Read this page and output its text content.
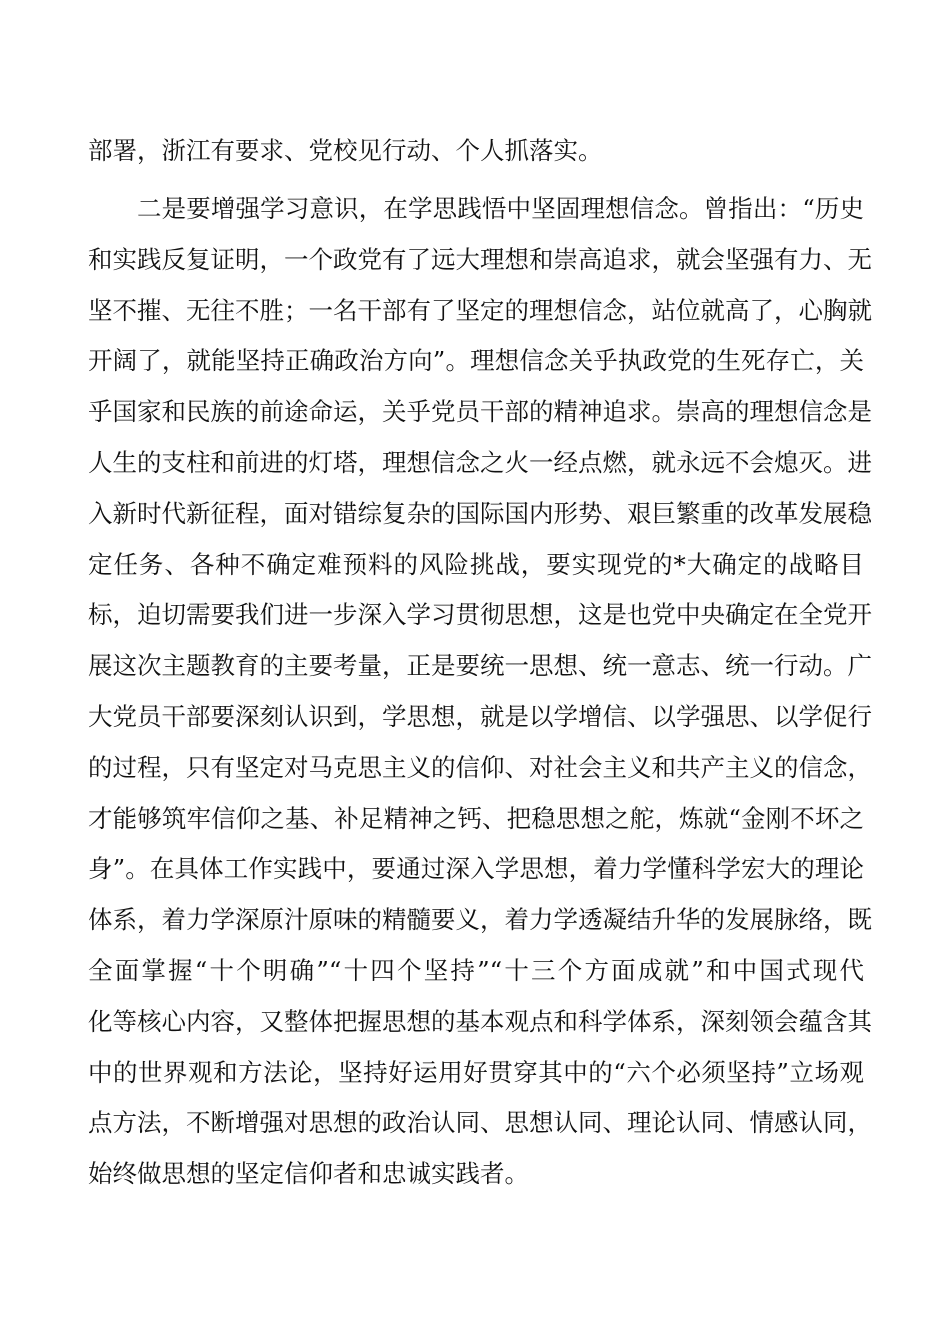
部署，浙江有要求、党校见行动、个人抓落实。
二是要增强学习意识，在学思践悟中坚固理想信念。曾指出：“历史
和实践反复证明，一个政党有了远大理想和崇高追求，就会坚强有力、无
坚不摧、无往不胜；一名干部有了坚定的理想信念，站位就高了，心胸就
开阔了，就能坚持正确政治方向”。理想信念关乎执政党的生死存亡，关
乎国家和民族的前途命运，关乎党员干部的精神追求。崇高的理想信念是
人生的支柱和前进的灯塔，理想信念之火一经点燃，就永远不会熄灭。进
入新时代新征程，面对错综复杂的国际国内形势、艰巨繁重的改革发展稳
定任务、各种不确定难预料的风险挑战，要实现党的*大确定的战略目
标，迫切需要我们进一步深入学习贯彻思想，这是也党中央确定在全党开
展这次主题教育的主要考量，正是要统一思想、统一意志、统一行动。广
大党员干部要深刻认识到，学思想，就是以学增信、以学强思、以学促行
的过程，只有坚定对马克思主义的信仰、对社会主义和共产主义的信念，
才能够筑牢信仰之基、补足精神之钙、把稳思想之舵，炼就“金刚不坏之
身”。在具体工作实践中，要通过深入学思想，着力学懂科学宏大的理论
体系，着力学深原汁原味的精髓要义，着力学透凝结升华的发展脉络，既
全面掌握“十个明确”“十四个坚持”“十三个方面成就”和中国式现代
化等核心内容，又整体把握思想的基本观点和科学体系，深刻领会蕴含其
中的世界观和方法论，坚持好运用好贯穿其中的“六个必须坚持”立场观
点方法，不断增强对思想的政治认同、思想认同、理论认同、情感认同，
始终做思想的坚定信仰者和忠诚实践者。
